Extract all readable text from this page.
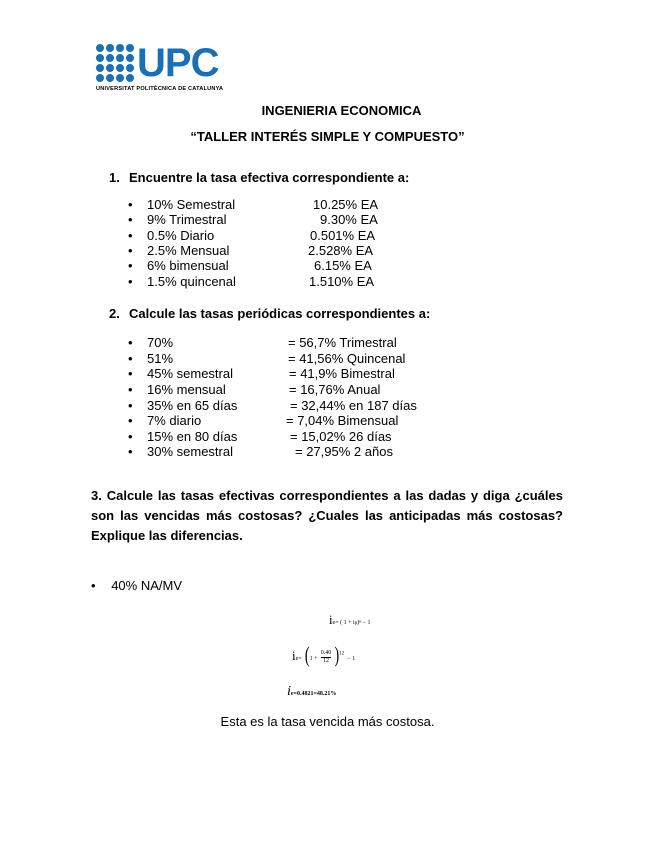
UPC
UNIVERSITAT POLITÈCNICA DE CATALUNYA
INGENIERIA ECONOMICA
“TALLER INTERÉS SIMPLE Y COMPUESTO”
1. Encuentre la tasa efectiva correspondiente a:
• 10% Semestral	10.25% EA
• 9% Trimestral	9.30% EA
• 0.5% Diario	0.501% EA
• 2.5% Mensual	2.528% EA
• 6% bimensual	6.15% EA
• 1.5% quincenal	1.510% EA
2. Calcule las tasas periódicas correspondientes a:
• 70%	= 56,7% Trimestral
• 51%	= 41,56% Quincenal
• 45% semestral	= 41,9% Bimestral
• 16% mensual	= 16,76% Anual
• 35% en 65 días	= 32,44% en 187 días
• 7% diario	= 7,04% Bimensual
• 15% en 80 días	= 15,02% 26 días
• 30% semestral	= 27,95% 2 años

3. Calcule las tasas efectivas correspondientes a las dadas y diga ¿cuáles son las vencidas más costosas? ¿Cuales las anticipadas más costosas? Explique las diferencias.

• 40% NA/MV
ie= ( 1 + ip)ⁿ − 1
$ie= (1 + \frac{0.40}{12} )^{12} - 1$
ie=0.4821=48.21%
Esta es la tasa vencida más costosa.
